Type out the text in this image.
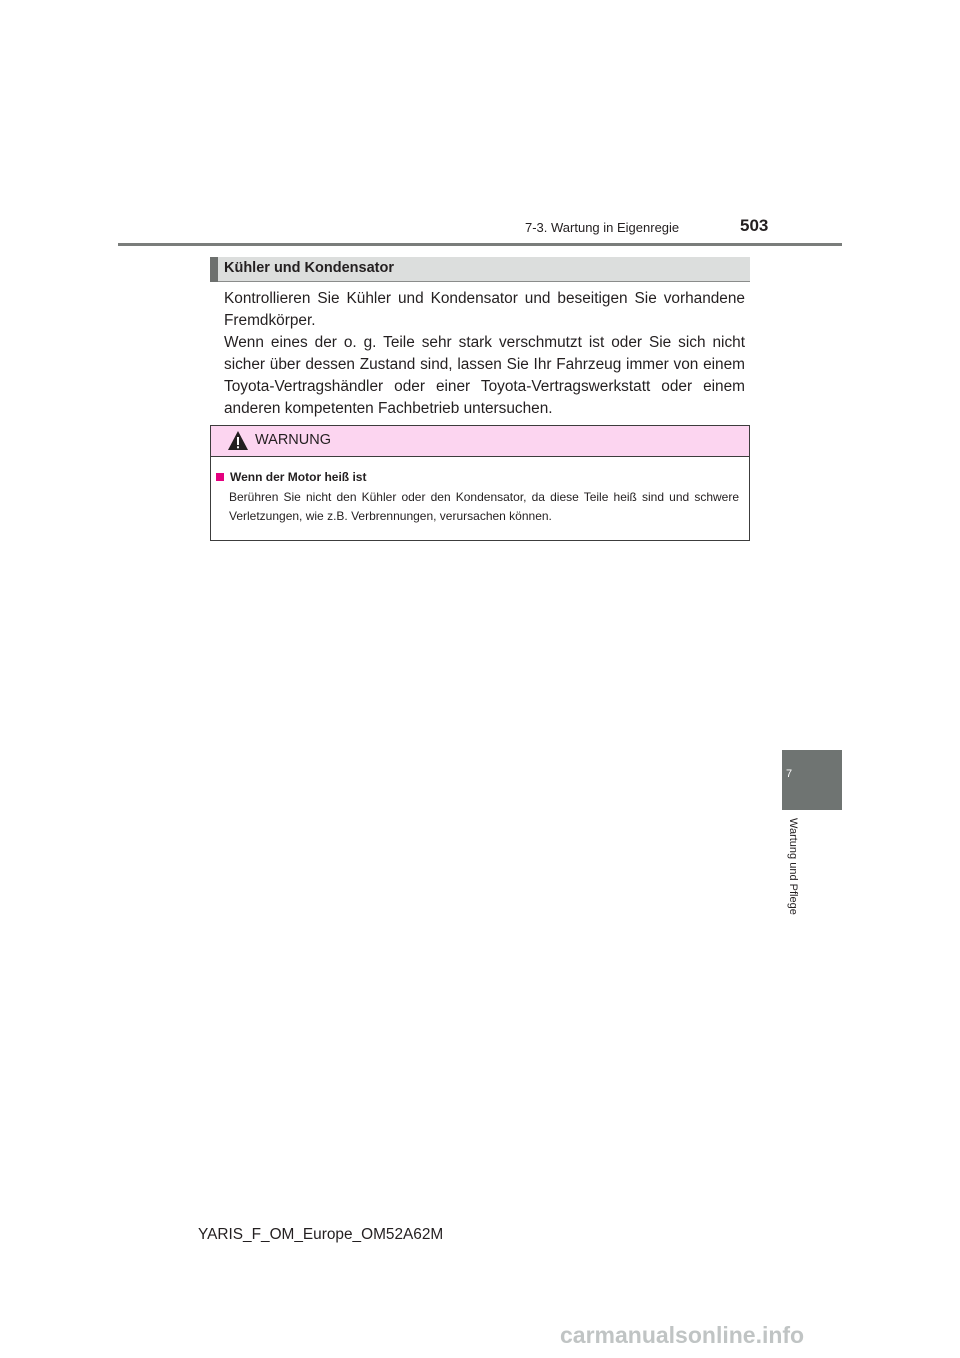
7-3. Wartung in Eigenregie	503
Kühler und Kondensator

Kontrollieren Sie Kühler und Kondensator und beseitigen Sie vorhandene Fremdkörper.

Wenn eines der o. g. Teile sehr stark verschmutzt ist oder Sie sich nicht sicher über dessen Zustand sind, lassen Sie Ihr Fahrzeug immer von einem Toyota-Vertragshändler oder einer Toyota-Vertragswerkstatt oder einem anderen kompetenten Fachbetrieb untersuchen.

WARNUNG
Wenn der Motor heiß ist
Berühren Sie nicht den Kühler oder den Kondensator, da diese Teile heiß sind und schwere Verletzungen, wie z.B. Verbrennungen, verursachen können.
7
Wartung und Pflege
YARIS_F_OM_Europe_OM52A62M
carmanualsonline.info
